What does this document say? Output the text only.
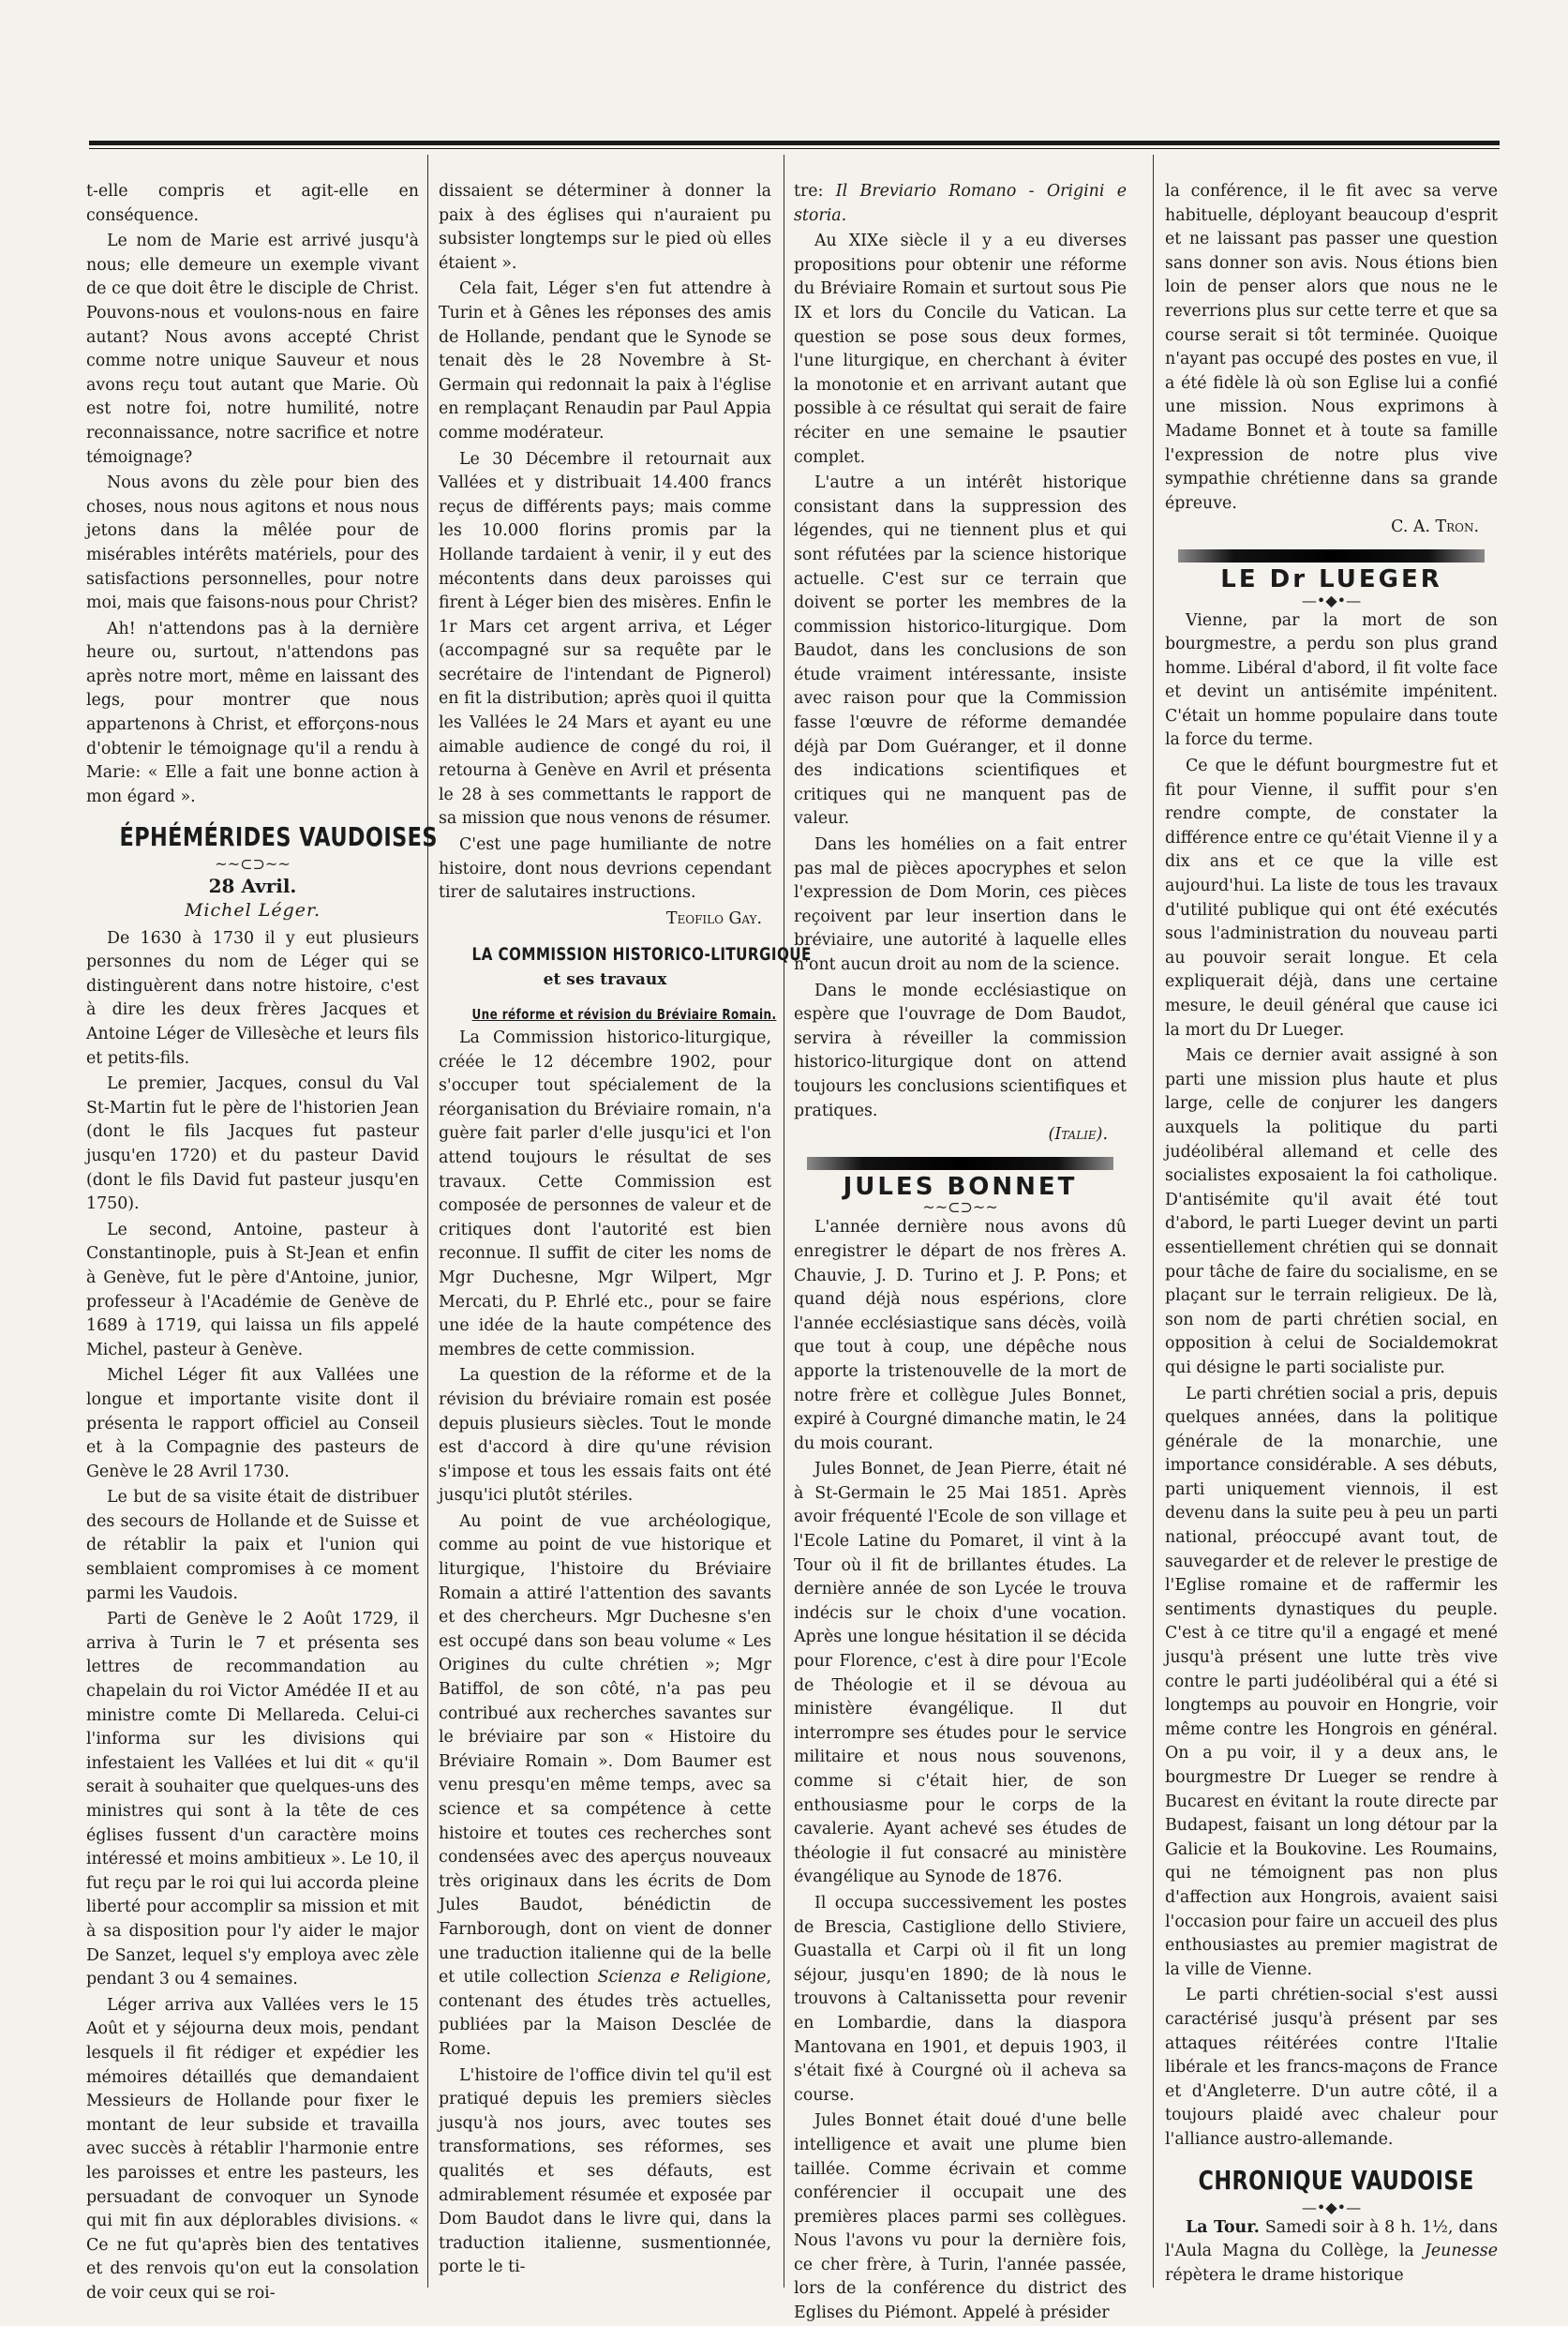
t-elle compris et agit-elle en conséquence.

Le nom de Marie est arrivé jusqu'à nous; elle demeure un exemple vivant de ce que doit être le disciple de Christ. Pouvons-nous et voulons-nous en faire autant? Nous avons accepté Christ comme notre unique Sauveur et nous avons reçu tout autant que Marie. Où est notre foi, notre humilité, notre reconnaissance, notre sacrifice et notre témoignage?

Nous avons du zèle pour bien des choses, nous nous agitons et nous nous jetons dans la mêlée pour de misérables intérêts matériels, pour des satisfactions personnelles, pour notre moi, mais que faisons-nous pour Christ?

Ah! n'attendons pas à la dernière heure ou, surtout, n'attendons pas après notre mort, même en laissant des legs, pour montrer que nous appartenons à Christ, et efforçons-nous d'obtenir le témoignage qu'il a rendu à Marie: « Elle a fait une bonne action à mon égard ».

ÉPHÉMÉRIDES VAUDOISES
~~⊂⊃~~
28 Avril.
Michel Léger.

De 1630 à 1730 il y eut plusieurs personnes du nom de Léger qui se distinguèrent dans notre histoire, c'est à dire les deux frères Jacques et Antoine Léger de Villesèche et leurs fils et petits-fils.

Le premier, Jacques, consul du Val St-Martin fut le père de l'historien Jean (dont le fils Jacques fut pasteur jusqu'en 1720) et du pasteur David (dont le fils David fut pasteur jusqu'en 1750).

Le second, Antoine, pasteur à Constantinople, puis à St-Jean et enfin à Genève, fut le père d'Antoine, junior, professeur à l'Académie de Genève de 1689 à 1719, qui laissa un fils appelé Michel, pasteur à Genève.

Michel Léger fit aux Vallées une longue et importante visite dont il présenta le rapport officiel au Conseil et à la Compagnie des pasteurs de Genève le 28 Avril 1730.

Le but de sa visite était de distribuer des secours de Hollande et de Suisse et de rétablir la paix et l'union qui semblaient compromises à ce moment parmi les Vaudois.

Parti de Genève le 2 Août 1729, il arriva à Turin le 7 et présenta ses lettres de recommandation au chapelain du roi Victor Amédée II et au ministre comte Di Mellareda. Celui-ci l'informa sur les divisions qui infestaient les Vallées et lui dit « qu'il serait à souhaiter que quelques-uns des ministres qui sont à la tête de ces églises fussent d'un caractère moins intéressé et moins ambitieux ». Le 10, il fut reçu par le roi qui lui accorda pleine liberté pour accomplir sa mission et mit à sa disposition pour l'y aider le major De Sanzet, lequel s'y employa avec zèle pendant 3 ou 4 semaines.

Léger arriva aux Vallées vers le 15 Août et y séjourna deux mois, pendant lesquels il fit rédiger et expédier les mémoires détaillés que demandaient Messieurs de Hollande pour fixer le montant de leur subside et travailla avec succès à rétablir l'harmonie entre les paroisses et entre les pasteurs, les persuadant de convoquer un Synode qui mit fin aux déplorables divisions. « Ce ne fut qu'après bien des tentatives et des renvois qu'on eut la consolation de voir ceux qui se roi-

dissaient se déterminer à donner la paix à des églises qui n'auraient pu subsister longtemps sur le pied où elles étaient ».

Cela fait, Léger s'en fut attendre à Turin et à Gênes les réponses des amis de Hollande, pendant que le Synode se tenait dès le 28 Novembre à St-Germain qui redonnait la paix à l'église en remplaçant Renaudin par Paul Appia comme modérateur.

Le 30 Décembre il retournait aux Vallées et y distribuait 14.400 francs reçus de différents pays; mais comme les 10.000 florins promis par la Hollande tardaient à venir, il y eut des mécontents dans deux paroisses qui firent à Léger bien des misères. Enfin le 1r Mars cet argent arriva, et Léger (accompagné sur sa requête par le secrétaire de l'intendant de Pignerol) en fit la distribution; après quoi il quitta les Vallées le 24 Mars et ayant eu une aimable audience de congé du roi, il retourna à Genève en Avril et présenta le 28 à ses commettants le rapport de sa mission que nous venons de résumer.

C'est une page humiliante de notre histoire, dont nous devrions cependant tirer de salutaires instructions.

Teofilo Gay.
LA COMMISSION HISTORICO-LITURGIQUE
et ses travaux
Une réforme et révision du Bréviaire Romain.

La Commission historico-liturgique, créée le 12 décembre 1902, pour s'occuper tout spécialement de la réorganisation du Bréviaire romain, n'a guère fait parler d'elle jusqu'ici et l'on attend toujours le résultat de ses travaux. Cette Commission est composée de personnes de valeur et de critiques dont l'autorité est bien reconnue. Il suffit de citer les noms de Mgr Duchesne, Mgr Wilpert, Mgr Mercati, du P. Ehrlé etc., pour se faire une idée de la haute compétence des membres de cette commission.

La question de la réforme et de la révision du bréviaire romain est posée depuis plusieurs siècles. Tout le monde est d'accord à dire qu'une révision s'impose et tous les essais faits ont été jusqu'ici plutôt stériles.

Au point de vue archéologique, comme au point de vue historique et liturgique, l'histoire du Bréviaire Romain a attiré l'attention des savants et des chercheurs. Mgr Duchesne s'en est occupé dans son beau volume « Les Origines du culte chrétien »; Mgr Batiffol, de son côté, n'a pas peu contribué aux recherches savantes sur le bréviaire par son « Histoire du Bréviaire Romain ». Dom Baumer est venu presqu'en même temps, avec sa science et sa compétence à cette histoire et toutes ces recherches sont condensées avec des aperçus nouveaux très originaux dans les écrits de Dom Jules Baudot, bénédictin de Farnborough, dont on vient de donner une traduction italienne qui de la belle et utile collection Scienza e Religione, contenant des études très actuelles, publiées par la Maison Desclée de Rome.

L'histoire de l'office divin tel qu'il est pratiqué depuis les premiers siècles jusqu'à nos jours, avec toutes ses transformations, ses réformes, ses qualités et ses défauts, est admirablement résumée et exposée par Dom Baudot dans le livre qui, dans la traduction italienne, susmentionnée, porte le ti-

tre: Il Breviario Romano - Origini e storia.

Au XIXe siècle il y a eu diverses propositions pour obtenir une réforme du Bréviaire Romain et surtout sous Pie IX et lors du Concile du Vatican. La question se pose sous deux formes, l'une liturgique, en cherchant à éviter la monotonie et en arrivant autant que possible à ce résultat qui serait de faire réciter en une semaine le psautier complet.

L'autre a un intérêt historique consistant dans la suppression des légendes, qui ne tiennent plus et qui sont réfutées par la science historique actuelle. C'est sur ce terrain que doivent se porter les membres de la commission historico-liturgique. Dom Baudot, dans les conclusions de son étude vraiment intéressante, insiste avec raison pour que la Commission fasse l'œuvre de réforme demandée déjà par Dom Guéranger, et il donne des indications scientifiques et critiques qui ne manquent pas de valeur.

Dans les homélies on a fait entrer pas mal de pièces apocryphes et selon l'expression de Dom Morin, ces pièces reçoivent par leur insertion dans le bréviaire, une autorité à laquelle elles n'ont aucun droit au nom de la science.

Dans le monde ecclésiastique on espère que l'ouvrage de Dom Baudot, servira à réveiller la commission historico-liturgique dont on attend toujours les conclusions scientifiques et pratiques.
(Italie).

JULES BONNET
~~⊂⊃~~

L'année dernière nous avons dû enregistrer le départ de nos frères A. Chauvie, J. D. Turino et J. P. Pons; et quand déjà nous espérions, clore l'année ecclésiastique sans décès, voilà que tout à coup, une dépêche nous apporte la tristenouvelle de la mort de notre frère et collègue Jules Bonnet, expiré à Courgné dimanche matin, le 24 du mois courant.

Jules Bonnet, de Jean Pierre, était né à St-Germain le 25 Mai 1851. Après avoir fréquenté l'Ecole de son village et l'Ecole Latine du Pomaret, il vint à la Tour où il fit de brillantes études. La dernière année de son Lycée le trouva indécis sur le choix d'une vocation. Après une longue hésitation il se décida pour Florence, c'est à dire pour l'Ecole de Théologie et il se dévoua au ministère évangélique. Il dut interrompre ses études pour le service militaire et nous nous souvenons, comme si c'était hier, de son enthousiasme pour le corps de la cavalerie. Ayant achevé ses études de théologie il fut consacré au ministère évangélique au Synode de 1876.

Il occupa successivement les postes de Brescia, Castiglione dello Stiviere, Guastalla et Carpi où il fit un long séjour, jusqu'en 1890; de là nous le trouvons à Caltanissetta pour revenir en Lombardie, dans la diaspora Mantovana en 1901, et depuis 1903, il s'était fixé à Courgné où il acheva sa course.

Jules Bonnet était doué d'une belle intelligence et avait une plume bien taillée. Comme écrivain et comme conférencier il occupait une des premières places parmi ses collègues. Nous l'avons vu pour la dernière fois, ce cher frère, à Turin, l'année passée, lors de la conférence du district des Eglises du Piémont. Appelé à présider

la conférence, il le fit avec sa verve habituelle, déployant beaucoup d'esprit et ne laissant pas passer une question sans donner son avis. Nous étions bien loin de penser alors que nous ne le reverrions plus sur cette terre et que sa course serait si tôt terminée. Quoique n'ayant pas occupé des postes en vue, il a été fidèle là où son Eglise lui a confié une mission. Nous exprimons à Madame Bonnet et à toute sa famille l'expression de notre plus vive sympathie chrétienne dans sa grande épreuve.
C. A. Tron.

LE Dr LUEGER
—•◆•—

Vienne, par la mort de son bourgmestre, a perdu son plus grand homme. Libéral d'abord, il fit volte face et devint un antisémite impénitent. C'était un homme populaire dans toute la force du terme.

Ce que le défunt bourgmestre fut et fit pour Vienne, il suffit pour s'en rendre compte, de constater la différence entre ce qu'était Vienne il y a dix ans et ce que la ville est aujourd'hui. La liste de tous les travaux d'utilité publique qui ont été exécutés sous l'administration du nouveau parti au pouvoir serait longue. Et cela expliquerait déjà, dans une certaine mesure, le deuil général que cause ici la mort du Dr Lueger.

Mais ce dernier avait assigné à son parti une mission plus haute et plus large, celle de conjurer les dangers auxquels la politique du parti judéolibéral allemand et celle des socialistes exposaient la foi catholique. D'antisémite qu'il avait été tout d'abord, le parti Lueger devint un parti essentiellement chrétien qui se donnait pour tâche de faire du socialisme, en se plaçant sur le terrain religieux. De là, son nom de parti chrétien social, en opposition à celui de Socialdemokrat qui désigne le parti socialiste pur.

Le parti chrétien social a pris, depuis quelques années, dans la politique générale de la monarchie, une importance considérable. A ses débuts, parti uniquement viennois, il est devenu dans la suite peu à peu un parti national, préoccupé avant tout, de sauvegarder et de relever le prestige de l'Eglise romaine et de raffermir les sentiments dynastiques du peuple. C'est à ce titre qu'il a engagé et mené jusqu'à présent une lutte très vive contre le parti judéolibéral qui a été si longtemps au pouvoir en Hongrie, voir même contre les Hongrois en général. On a pu voir, il y a deux ans, le bourgmestre Dr Lueger se rendre à Bucarest en évitant la route directe par Budapest, faisant un long détour par la Galicie et la Boukovine. Les Roumains, qui ne témoignent pas non plus d'affection aux Hongrois, avaient saisi l'occasion pour faire un accueil des plus enthousiastes au premier magistrat de la ville de Vienne.

Le parti chrétien-social s'est aussi caractérisé jusqu'à présent par ses attaques réitérées contre l'Italie libérale et les francs-maçons de France et d'Angleterre. D'un autre côté, il a toujours plaidé avec chaleur pour l'alliance austro-allemande.

CHRONIQUE VAUDOISE
—•◆•—

La Tour. Samedi soir à 8 h. 1½, dans l'Aula Magna du Collège, la Jeunesse répètera le drame historique
